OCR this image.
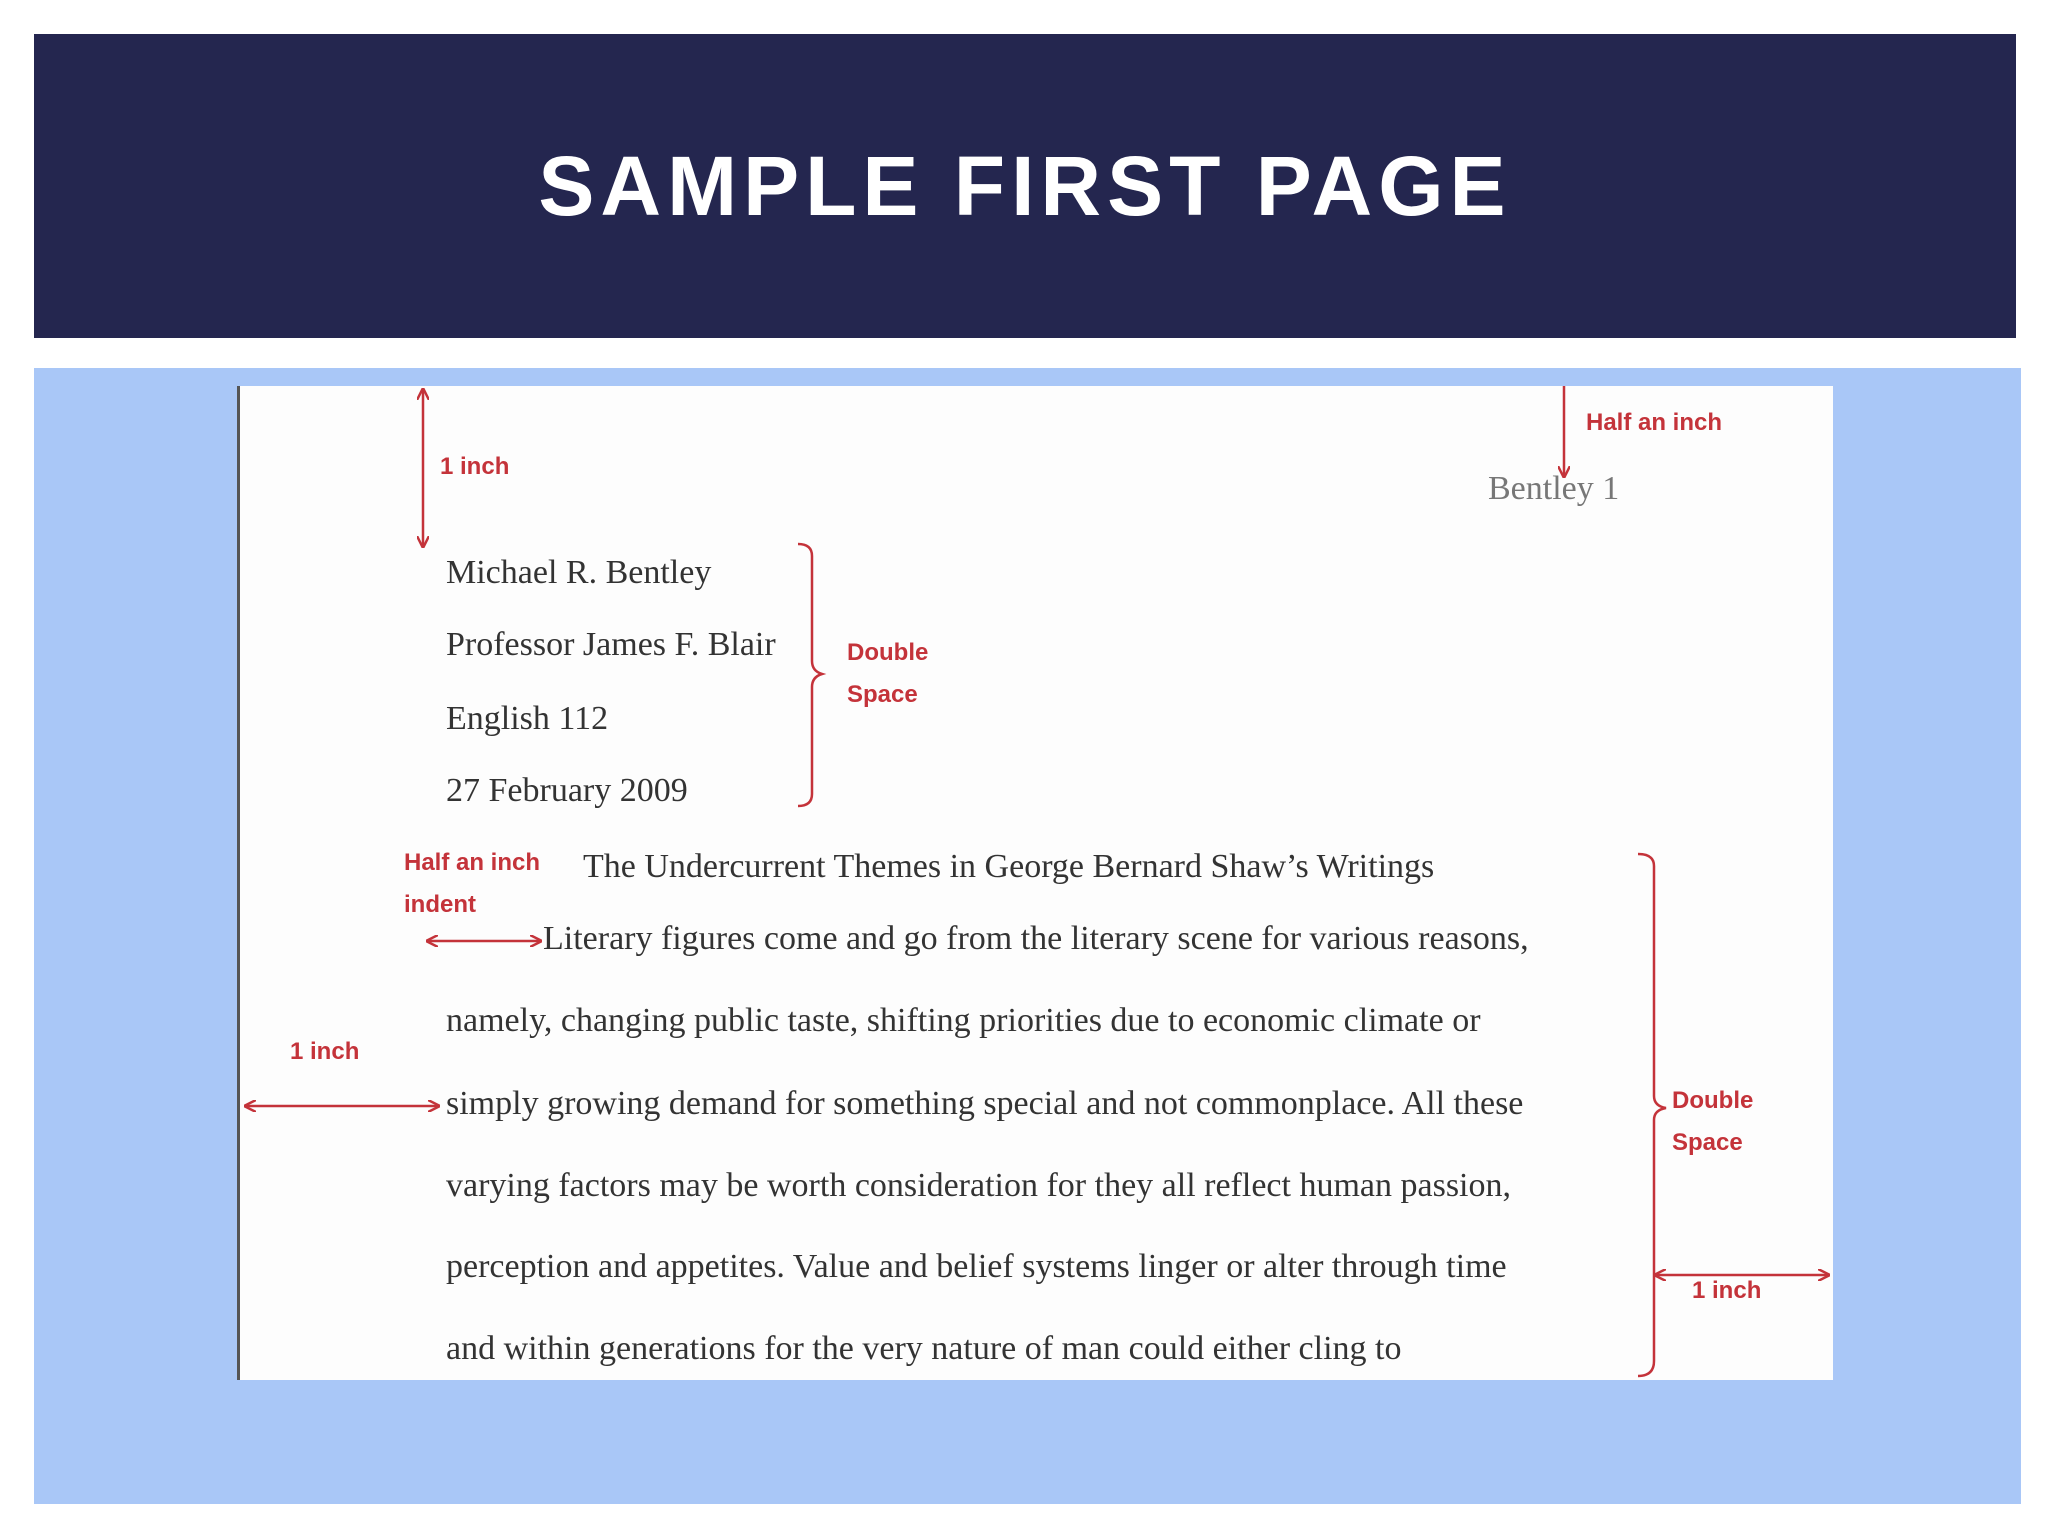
SAMPLE FIRST PAGE
Bentley 1
Michael R. Bentley
Professor James F. Blair
English 112
27 February 2009
The Undercurrent Themes in George Bernard Shaw’s Writings
Literary figures come and go from the literary scene for various reasons,
namely, changing public taste, shifting priorities due to economic climate or
simply growing demand for something special and not commonplace. All these
varying factors may be worth consideration for they all reflect human passion,
perception and appetites. Value and belief systems linger or alter through time
and within generations for the very nature of man could either cling to
1 inch
Half an inch
Double
Space
Half an inch
indent
1 inch
Double
Space
1 inch
